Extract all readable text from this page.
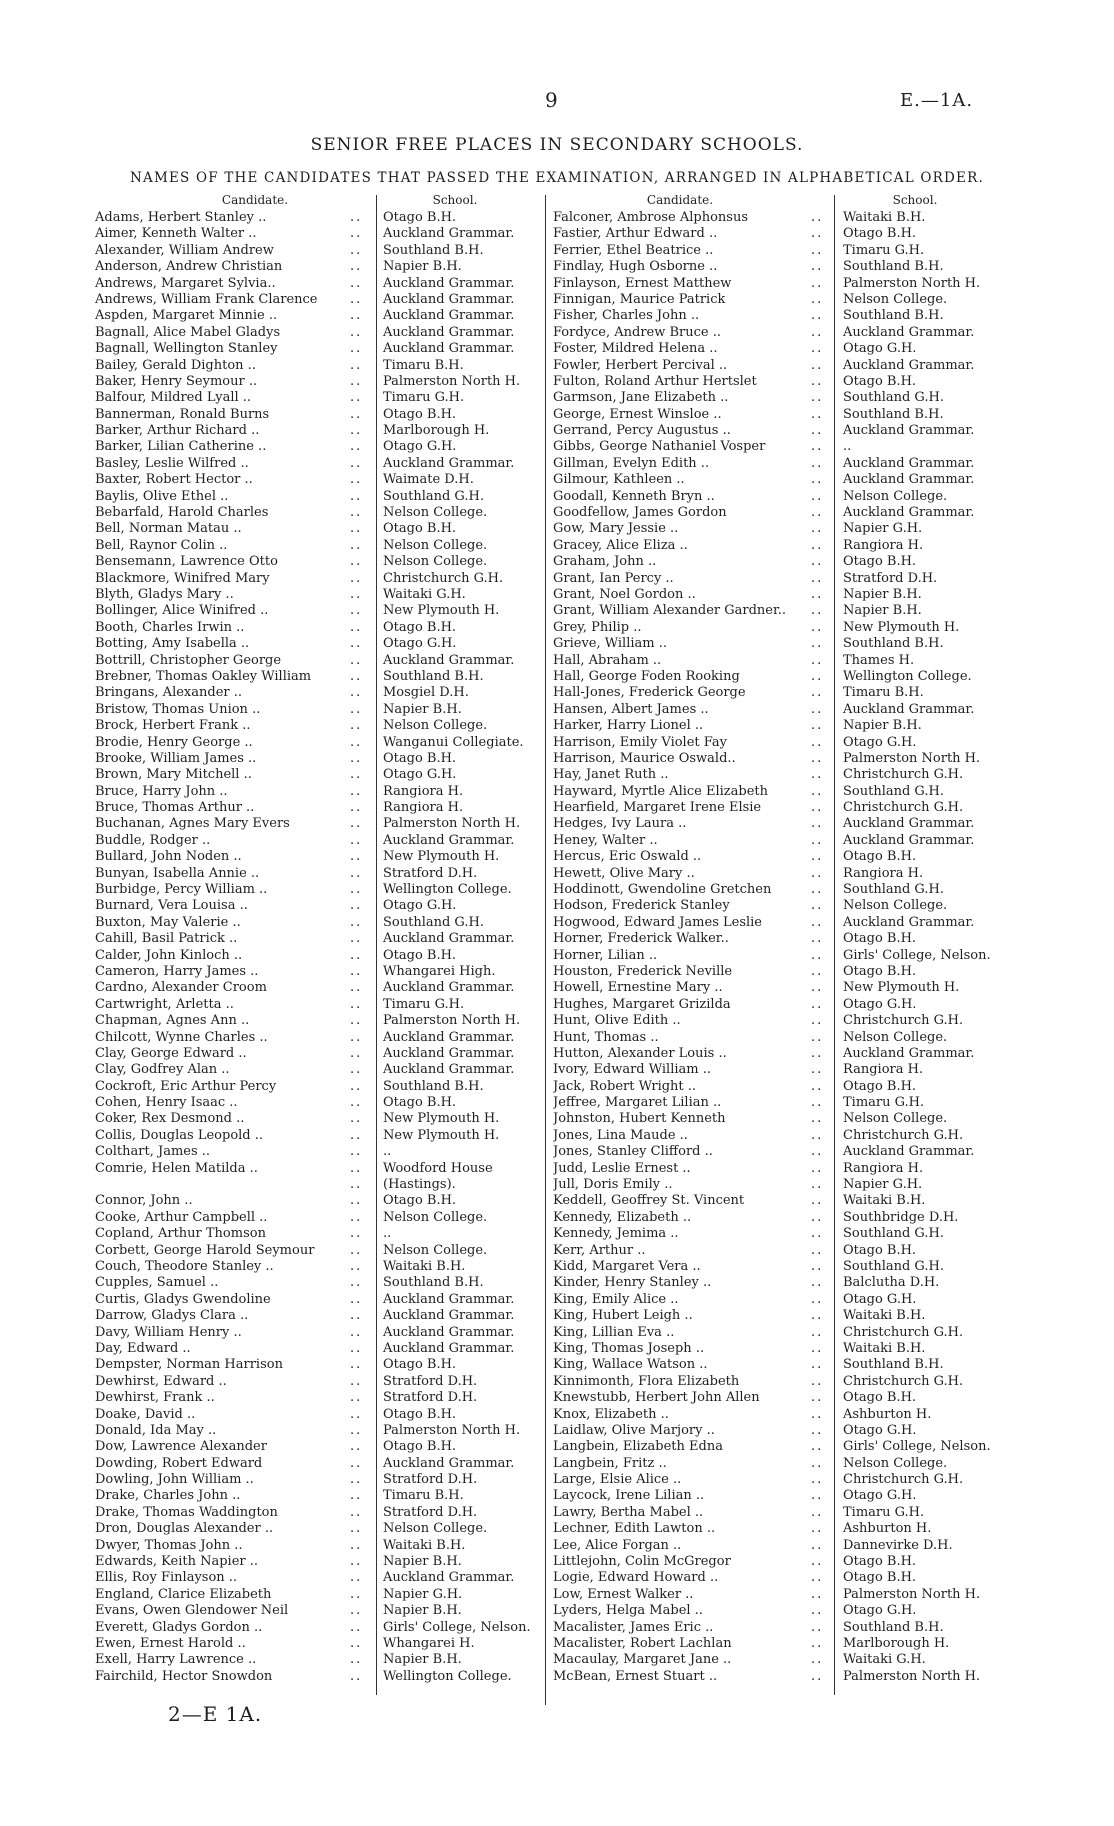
9	E.—1A.
SENIOR FREE PLACES IN SECONDARY SCHOOLS.
NAMES OF THE CANDIDATES THAT PASSED THE EXAMINATION, ARRANGED IN ALPHABETICAL ORDER.
Candidate.	School.	Candidate.	School.
Adams, Herbert Stanley ..	.. Otago B.H.
Aimer, Kenneth Walter ..	.. Auckland Grammar.
Alexander, William Andrew	.. Southland B.H.
Anderson, Andrew Christian	.. Napier B.H.
Andrews, Margaret Sylvia..	.. Auckland Grammar.
Andrews, William Frank Clarence	.. Auckland Grammar.
Aspden, Margaret Minnie ..	.. Auckland Grammar.
Bagnall, Alice Mabel Gladys	.. Auckland Grammar.
Bagnall, Wellington Stanley	.. Auckland Grammar.
Bailey, Gerald Dighton ..	.. Timaru B.H.
Baker, Henry Seymour ..	.. Palmerston North H.
Balfour, Mildred Lyall ..	.. Timaru G.H.
Bannerman, Ronald Burns	.. Otago B.H.
Barker, Arthur Richard ..	.. Marlborough H.
Barker, Lilian Catherine ..	.. Otago G.H.
Basley, Leslie Wilfred ..	.. Auckland Grammar.
Baxter, Robert Hector ..	.. Waimate D.H.
Baylis, Olive Ethel ..	.. Southland G.H.
Bebarfald, Harold Charles	.. Nelson College.
Bell, Norman Matau ..	.. Otago B.H.
Bell, Raynor Colin ..	.. Nelson College.
Bensemann, Lawrence Otto	.. Nelson College.
Blackmore, Winifred Mary	.. Christchurch G.H.
Blyth, Gladys Mary ..	.. Waitaki G.H.
Bollinger, Alice Winifred ..	.. New Plymouth H.
Booth, Charles Irwin ..	.. Otago B.H.
Botting, Amy Isabella ..	.. Otago G.H.
Bottrill, Christopher George	.. Auckland Grammar.
Brebner, Thomas Oakley William	.. Southland B.H.
Bringans, Alexander ..	.. Mosgiel D.H.
Bristow, Thomas Union ..	.. Napier B.H.
Brock, Herbert Frank ..	.. Nelson College.
Brodie, Henry George ..	.. Wanganui Collegiate.
Brooke, William James ..	.. Otago B.H.
Brown, Mary Mitchell ..	.. Otago G.H.
Bruce, Harry John ..	.. Rangiora H.
Bruce, Thomas Arthur ..	.. Rangiora H.
Buchanan, Agnes Mary Evers	.. Palmerston North H.
Buddle, Rodger ..	.. Auckland Grammar.
Bullard, John Noden ..	.. New Plymouth H.
Bunyan, Isabella Annie ..	.. Stratford D.H.
Burbidge, Percy William ..	.. Wellington College.
Burnard, Vera Louisa ..	.. Otago G.H.
Buxton, May Valerie ..	.. Southland G.H.
Cahill, Basil Patrick ..	.. Auckland Grammar.
Calder, John Kinloch ..	.. Otago B.H.
Cameron, Harry James ..	.. Whangarei High.
Cardno, Alexander Croom	.. Auckland Grammar.
Cartwright, Arletta ..	.. Timaru G.H.
Chapman, Agnes Ann ..	.. Palmerston North H.
Chilcott, Wynne Charles ..	.. Auckland Grammar.
Clay, George Edward ..	.. Auckland Grammar.
Clay, Godfrey Alan ..	.. Auckland Grammar.
Cockroft, Eric Arthur Percy	.. Southland B.H.
Cohen, Henry Isaac ..	.. Otago B.H.
Coker, Rex Desmond ..	.. New Plymouth H.
Collis, Douglas Leopold ..	.. New Plymouth H.
Colthart, James ..	.. ..
Comrie, Helen Matilda ..	.. Woodford House
.. (Hastings).
Connor, John ..	.. Otago B.H.
Cooke, Arthur Campbell ..	.. Nelson College.
Copland, Arthur Thomson	.. ..
Corbett, George Harold Seymour	.. Nelson College.
Couch, Theodore Stanley ..	.. Waitaki B.H.
Cupples, Samuel ..	.. Southland B.H.
Curtis, Gladys Gwendoline	.. Auckland Grammar.
Darrow, Gladys Clara ..	.. Auckland Grammar.
Davy, William Henry ..	.. Auckland Grammar.
Day, Edward ..	.. Auckland Grammar.
Dempster, Norman Harrison	.. Otago B.H.
Dewhirst, Edward ..	.. Stratford D.H.
Dewhirst, Frank ..	.. Stratford D.H.
Doake, David ..	.. Otago B.H.
Donald, Ida May ..	.. Palmerston North H.
Dow, Lawrence Alexander	.. Otago B.H.
Dowding, Robert Edward	.. Auckland Grammar.
Dowling, John William ..	.. Stratford D.H.
Drake, Charles John ..	.. Timaru B.H.
Drake, Thomas Waddington	.. Stratford D.H.
Dron, Douglas Alexander ..	.. Nelson College.
Dwyer, Thomas John ..	.. Waitaki B.H.
Edwards, Keith Napier ..	.. Napier B.H.
Ellis, Roy Finlayson ..	.. Auckland Grammar.
England, Clarice Elizabeth	.. Napier G.H.
Evans, Owen Glendower Neil	.. Napier B.H.
Everett, Gladys Gordon ..	.. Girls' College, Nelson.
Ewen, Ernest Harold ..	.. Whangarei H.
Exell, Harry Lawrence ..	.. Napier B.H.
Fairchild, Hector Snowdon	.. Wellington College.
Falconer, Ambrose Alphonsus	.. Waitaki B.H.
Fastier, Arthur Edward ..	.. Otago B.H.
Ferrier, Ethel Beatrice ..	.. Timaru G.H.
Findlay, Hugh Osborne ..	.. Southland B.H.
Finlayson, Ernest Matthew	.. Palmerston North H.
Finnigan, Maurice Patrick	.. Nelson College.
Fisher, Charles John ..	.. Southland B.H.
Fordyce, Andrew Bruce ..	.. Auckland Grammar.
Foster, Mildred Helena ..	.. Otago G.H.
Fowler, Herbert Percival ..	.. Auckland Grammar.
Fulton, Roland Arthur Hertslet	.. Otago B.H.
Garmson, Jane Elizabeth ..	.. Southland G.H.
George, Ernest Winsloe ..	.. Southland B.H.
Gerrand, Percy Augustus ..	.. Auckland Grammar.
Gibbs, George Nathaniel Vosper	.. ..
Gillman, Evelyn Edith ..	.. Auckland Grammar.
Gilmour, Kathleen ..	.. Auckland Grammar.
Goodall, Kenneth Bryn ..	.. Nelson College.
Goodfellow, James Gordon	.. Auckland Grammar.
Gow, Mary Jessie ..	.. Napier G.H.
Gracey, Alice Eliza ..	.. Rangiora H.
Graham, John ..	.. Otago B.H.
Grant, Ian Percy ..	.. Stratford D.H.
Grant, Noel Gordon ..	.. Napier B.H.
Grant, William Alexander Gardner..	.. Napier B.H.
Grey, Philip ..	.. New Plymouth H.
Grieve, William ..	.. Southland B.H.
Hall, Abraham ..	.. Thames H.
Hall, George Foden Rooking	.. Wellington College.
Hall-Jones, Frederick George	.. Timaru B.H.
Hansen, Albert James ..	.. Auckland Grammar.
Harker, Harry Lionel ..	.. Napier B.H.
Harrison, Emily Violet Fay	.. Otago G.H.
Harrison, Maurice Oswald..	.. Palmerston North H.
Hay, Janet Ruth ..	.. Christchurch G.H.
Hayward, Myrtle Alice Elizabeth	.. Southland G.H.
Hearfield, Margaret Irene Elsie	.. Christchurch G.H.
Hedges, Ivy Laura ..	.. Auckland Grammar.
Heney, Walter ..	.. Auckland Grammar.
Hercus, Eric Oswald ..	.. Otago B.H.
Hewett, Olive Mary ..	.. Rangiora H.
Hoddinott, Gwendoline Gretchen	.. Southland G.H.
Hodson, Frederick Stanley	.. Nelson College.
Hogwood, Edward James Leslie	.. Auckland Grammar.
Horner, Frederick Walker..	.. Otago B.H.
Horner, Lilian ..	.. Girls' College, Nelson.
Houston, Frederick Neville	.. Otago B.H.
Howell, Ernestine Mary ..	.. New Plymouth H.
Hughes, Margaret Grizilda	.. Otago G.H.
Hunt, Olive Edith ..	.. Christchurch G.H.
Hunt, Thomas ..	.. Nelson College.
Hutton, Alexander Louis ..	.. Auckland Grammar.
Ivory, Edward William ..	.. Rangiora H.
Jack, Robert Wright ..	.. Otago B.H.
Jeffree, Margaret Lilian ..	.. Timaru G.H.
Johnston, Hubert Kenneth	.. Nelson College.
Jones, Lina Maude ..	.. Christchurch G.H.
Jones, Stanley Clifford ..	.. Auckland Grammar.
Judd, Leslie Ernest ..	.. Rangiora H.
Jull, Doris Emily ..	.. Napier G.H.
Keddell, Geoffrey St. Vincent	.. Waitaki B.H.
Kennedy, Elizabeth ..	.. Southbridge D.H.
Kennedy, Jemima ..	.. Southland G.H.
Kerr, Arthur ..	.. Otago B.H.
Kidd, Margaret Vera ..	.. Southland G.H.
Kinder, Henry Stanley ..	.. Balclutha D.H.
King, Emily Alice ..	.. Otago G.H.
King, Hubert Leigh ..	.. Waitaki B.H.
King, Lillian Eva ..	.. Christchurch G.H.
King, Thomas Joseph ..	.. Waitaki B.H.
King, Wallace Watson ..	.. Southland B.H.
Kinnimonth, Flora Elizabeth	.. Christchurch G.H.
Knewstubb, Herbert John Allen	.. Otago B.H.
Knox, Elizabeth ..	.. Ashburton H.
Laidlaw, Olive Marjory ..	.. Otago G.H.
Langbein, Elizabeth Edna	.. Girls' College, Nelson.
Langbein, Fritz ..	.. Nelson College.
Large, Elsie Alice ..	.. Christchurch G.H.
Laycock, Irene Lilian ..	.. Otago G.H.
Lawry, Bertha Mabel ..	.. Timaru G.H.
Lechner, Edith Lawton ..	.. Ashburton H.
Lee, Alice Forgan ..	.. Dannevirke D.H.
Littlejohn, Colin McGregor	.. Otago B.H.
Logie, Edward Howard ..	.. Otago B.H.
Low, Ernest Walker ..	.. Palmerston North H.
Lyders, Helga Mabel ..	.. Otago G.H.
Macalister, James Eric ..	.. Southland B.H.
Macalister, Robert Lachlan	.. Marlborough H.
Macaulay, Margaret Jane ..	.. Waitaki G.H.
McBean, Ernest Stuart ..	.. Palmerston North H.
2—E 1A.
